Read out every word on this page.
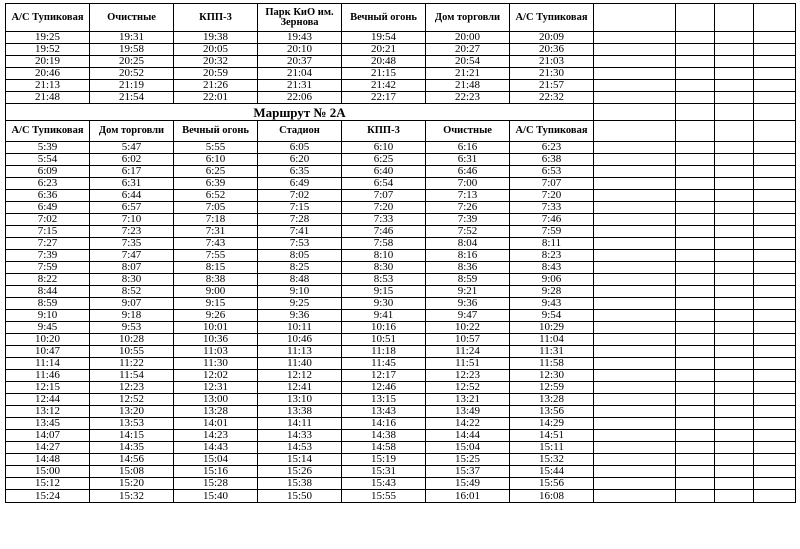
А/С Тупиковая	Очистные	КПП-3	Парк КиО им. Зернова	Вечный огонь	Дом торговли	А/С Тупиковая				
19:25	19:31	19:38	19:43	19:54	20:00	20:09				
19:52	19:58	20:05	20:10	20:21	20:27	20:36				
20:19	20:25	20:32	20:37	20:48	20:54	21:03				
20:46	20:52	20:59	21:04	21:15	21:21	21:30				
21:13	21:19	21:26	21:31	21:42	21:48	21:57				
21:48	21:54	22:01	22:06	22:17	22:23	22:32				
Маршрут № 2А										
А/С Тупиковая	Дом торговли	Вечный огонь	Стадион	КПП-3	Очистные	А/С Тупиковая				
5:39	5:47	5:55	6:05	6:10	6:16	6:23				
5:54	6:02	6:10	6:20	6:25	6:31	6:38				
6:09	6:17	6:25	6:35	6:40	6:46	6:53				
6:23	6:31	6:39	6:49	6:54	7:00	7:07				
6:36	6:44	6:52	7:02	7:07	7:13	7:20				
6:49	6:57	7:05	7:15	7:20	7:26	7:33				
7:02	7:10	7:18	7:28	7:33	7:39	7:46				
7:15	7:23	7:31	7:41	7:46	7:52	7:59				
7:27	7:35	7:43	7:53	7:58	8:04	8:11				
7:39	7:47	7:55	8:05	8:10	8:16	8:23				
7:59	8:07	8:15	8:25	8:30	8:36	8:43				
8:22	8:30	8:38	8:48	8:53	8:59	9:06				
8:44	8:52	9:00	9:10	9:15	9:21	9:28				
8:59	9:07	9:15	9:25	9:30	9:36	9:43				
9:10	9:18	9:26	9:36	9:41	9:47	9:54				
9:45	9:53	10:01	10:11	10:16	10:22	10:29				
10:20	10:28	10:36	10:46	10:51	10:57	11:04				
10:47	10:55	11:03	11:13	11:18	11:24	11:31				
11:14	11:22	11:30	11:40	11:45	11:51	11:58				
11:46	11:54	12:02	12:12	12:17	12:23	12:30				
12:15	12:23	12:31	12:41	12:46	12:52	12:59				
12:44	12:52	13:00	13:10	13:15	13:21	13:28				
13:12	13:20	13:28	13:38	13:43	13:49	13:56				
13:45	13:53	14:01	14:11	14:16	14:22	14:29				
14:07	14:15	14:23	14:33	14:38	14:44	14:51				
14:27	14:35	14:43	14:53	14:58	15:04	15:11				
14:48	14:56	15:04	15:14	15:19	15:25	15:32				
15:00	15:08	15:16	15:26	15:31	15:37	15:44				
15:12	15:20	15:28	15:38	15:43	15:49	15:56				
15:24	15:32	15:40	15:50	15:55	16:01	16:08				
